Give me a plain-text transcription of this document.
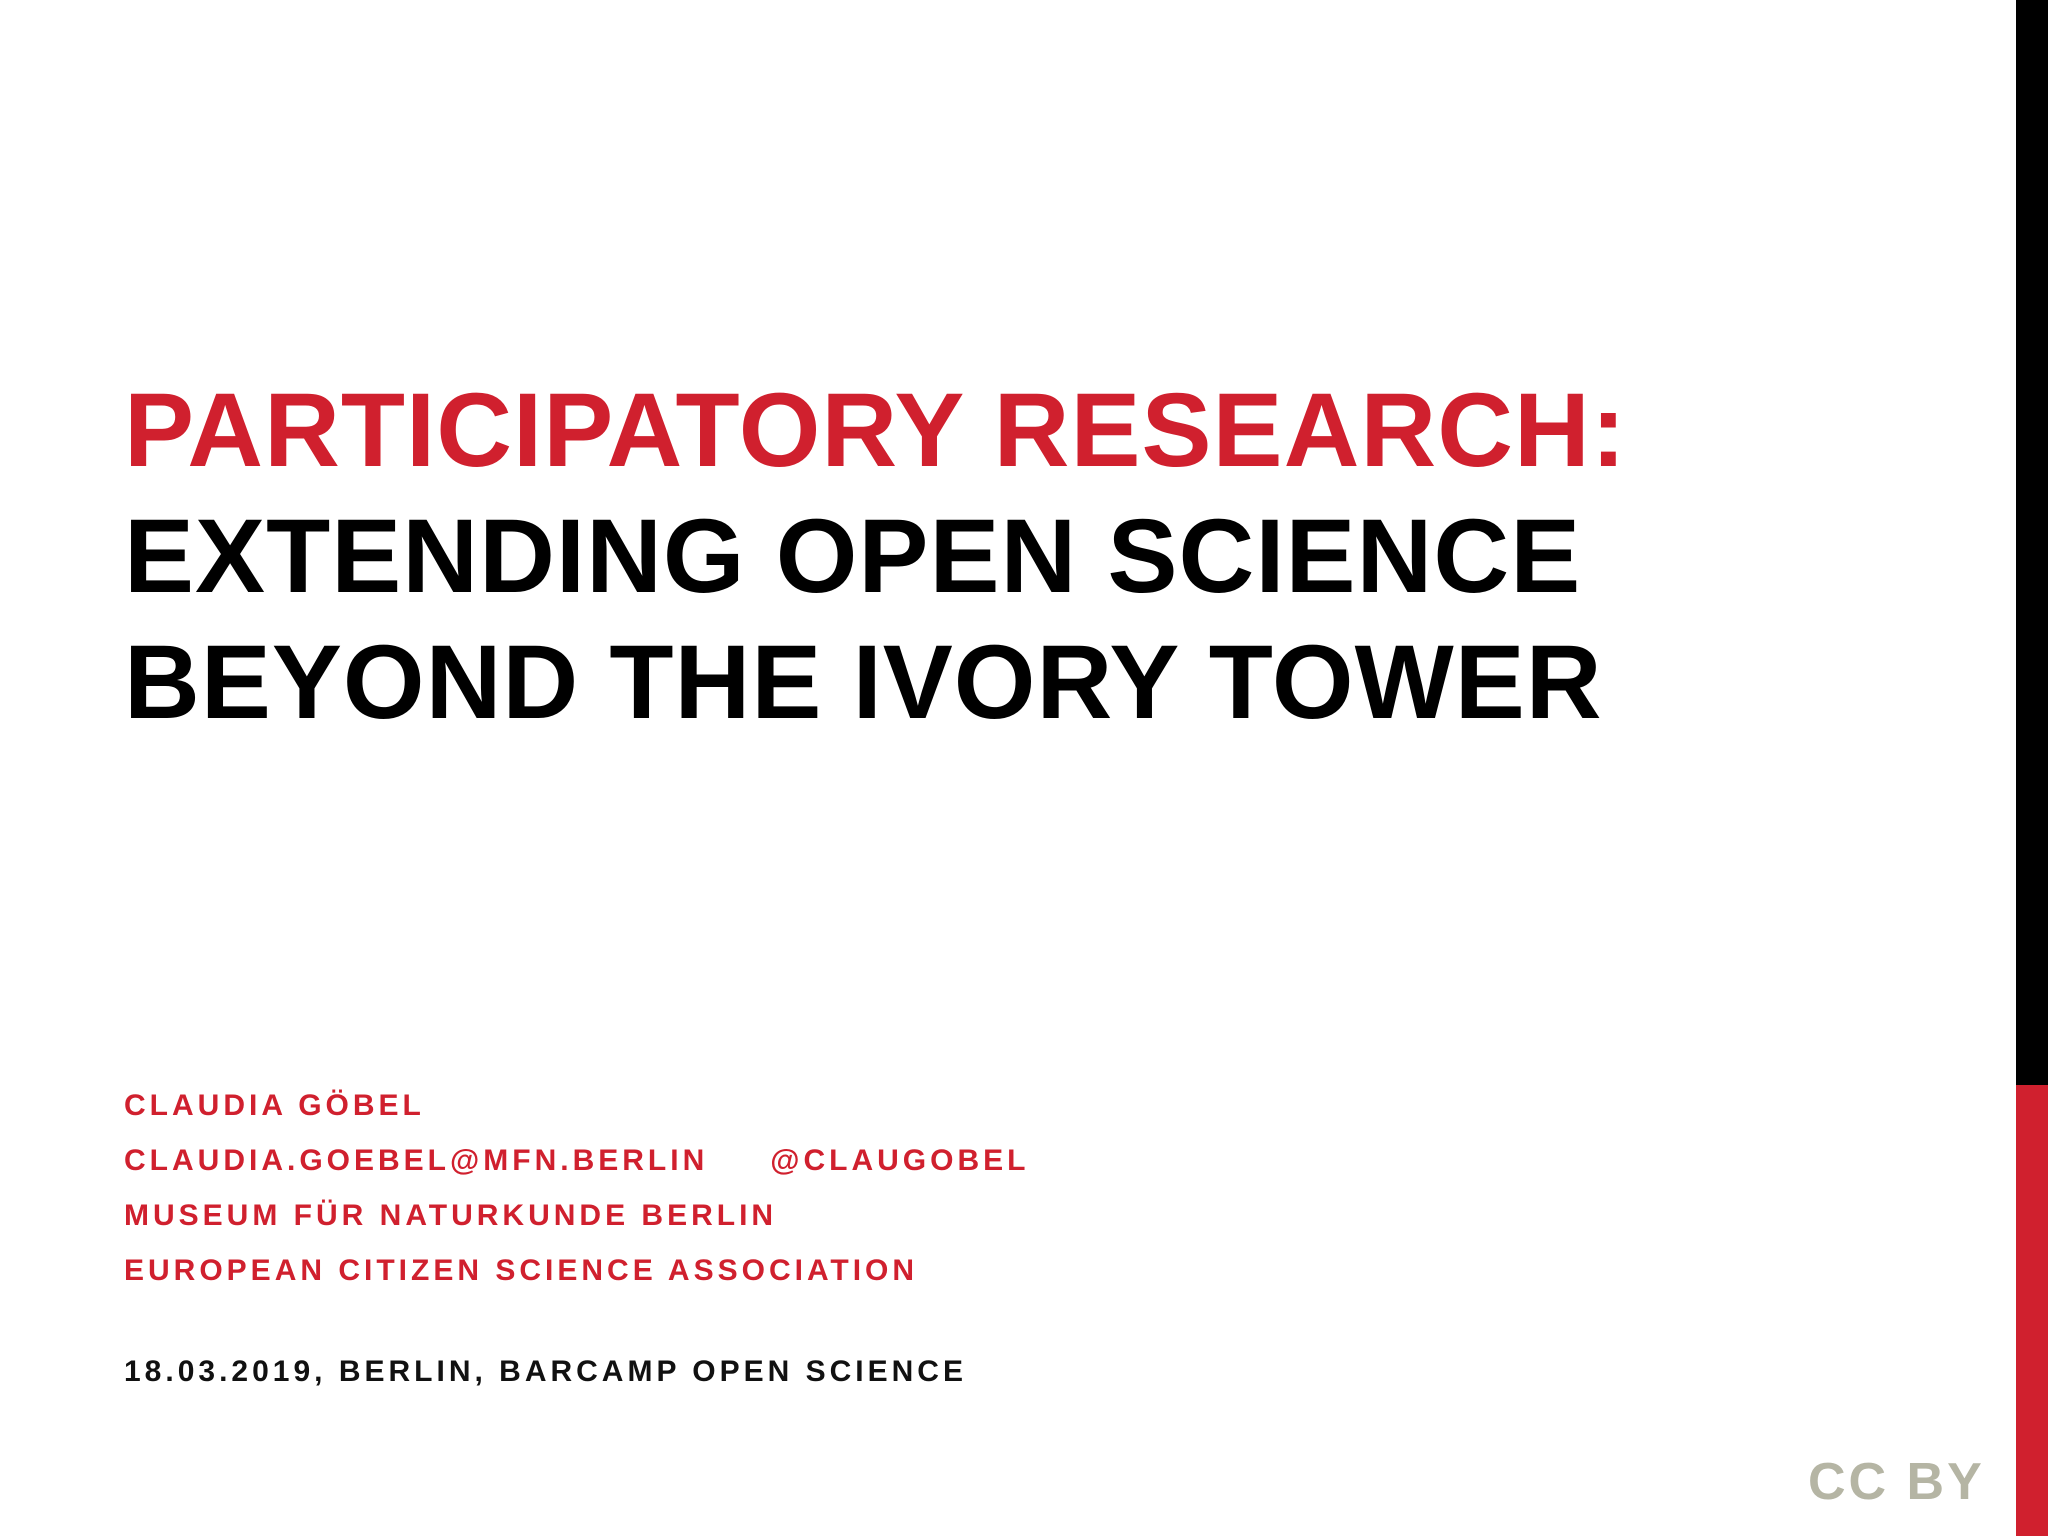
PARTICIPATORY RESEARCH:
EXTENDING OPEN SCIENCE
BEYOND THE IVORY TOWER
CLAUDIA GÖBEL
CLAUDIA.GOEBEL@MFN.BERLIN @CLAUGOBEL
MUSEUM FÜR NATURKUNDE BERLIN
EUROPEAN CITIZEN SCIENCE ASSOCIATION
18.03.2019, BERLIN, BARCAMP OPEN SCIENCE
CC BY
